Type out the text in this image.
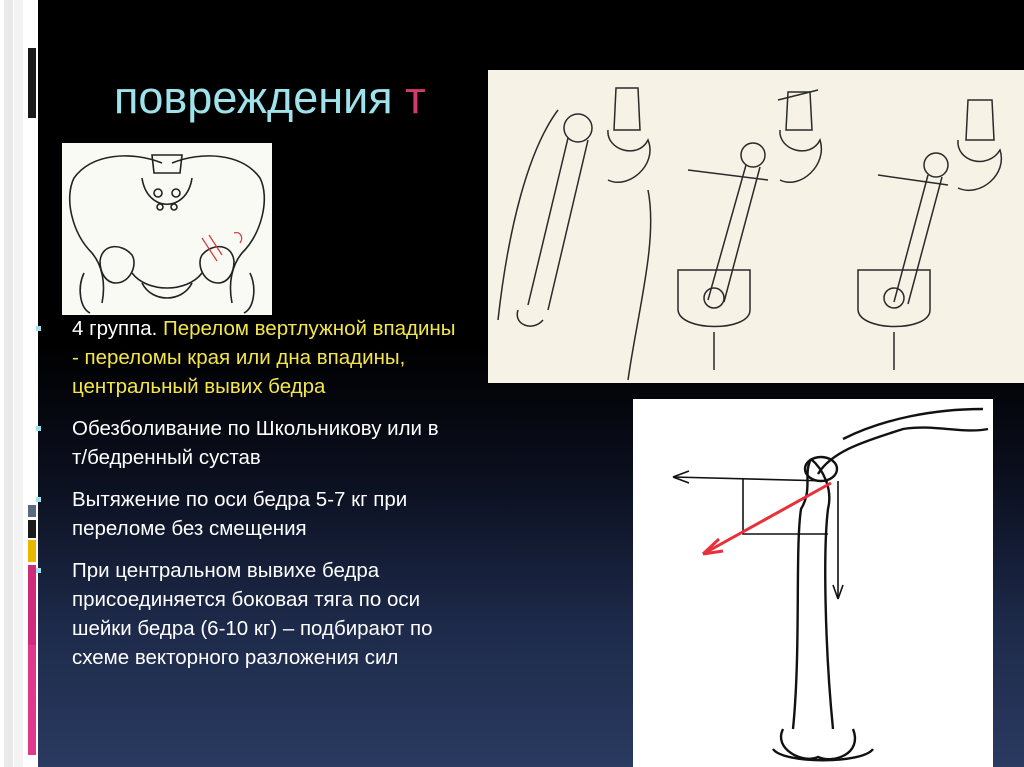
повреждения т
4 группа. Перелом вертлужной впадины - переломы края или дна впадины, центральный вывих бедра
Обезболивание по Школьникову или в т/бедренный сустав
Вытяжение по оси бедра 5-7 кг при переломе без смещения
При центральном вывихе бедра присоединяется боковая тяга по оси шейки бедра (6-10 кг) – подбирают по схеме векторного разложения сил
